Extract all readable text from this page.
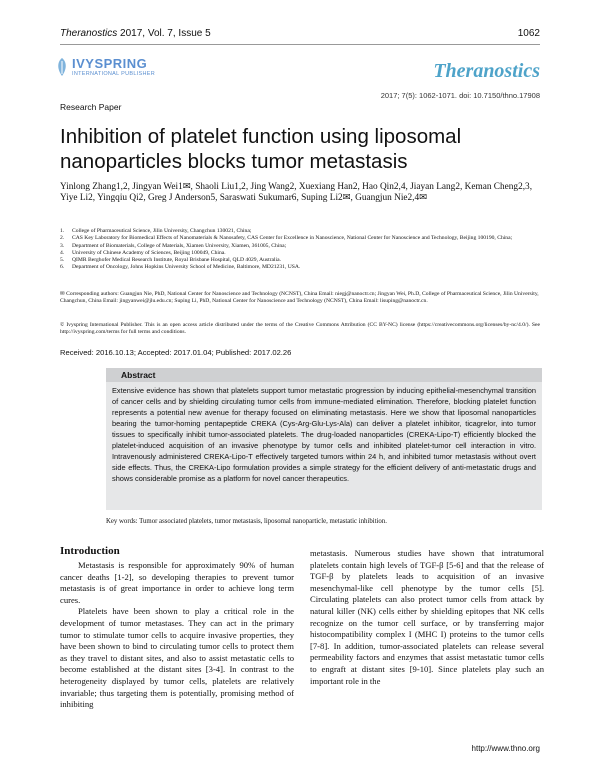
Theranostics 2017, Vol. 7, Issue 5	1062
IVYSPRING
INTERNATIONAL PUBLISHER	Theranostics
2017; 7(5): 1062-1071. doi: 10.7150/thno.17908
Research Paper
Inhibition of platelet function using liposomal nanoparticles blocks tumor metastasis
Yinlong Zhang1,2, Jingyan Wei1✉, Shaoli Liu1,2, Jing Wang2, Xuexiang Han2, Hao Qin2,4, Jiayan Lang2, Keman Cheng2,3, Yiye Li2, Yingqiu Qi2, Greg J Anderson5, Saraswati Sukumar6, Suping Li2✉, Guangjun Nie2,4✉
1.	College of Pharmaceutical Science, Jilin University, Changchun 130021, China;
2.	CAS Key Laboratory for Biomedical Effects of Nanomaterials & Nanosafety, CAS Center for Excellence in Nanoscience, National Center for Nanoscience and Technology, Beijing 100190, China;
3.	Department of Biomaterials, College of Materials, Xiamen University, Xiamen, 361005, China;
4.	University of Chinese Academy of Sciences, Beijing 100049, China.
5.	QIMR Berghofer Medical Research Institute, Royal Brisbane Hospital, QLD 4029, Australia.
6.	Department of Oncology, Johns Hopkins University School of Medicine, Baltimore, MD21231, USA.
✉ Corresponding authors: Guangjun Nie, PhD, National Center for Nanoscience and Technology (NCNST), China Email: niegj@nanoctr.cn; Jingyan Wei, Ph.D, College of Pharmaceutical Science, Jilin University, Changchun, China Email: jingyanwei@jlu.edu.cn; Suping Li, PhD, National Center for Nanoscience and Technology (NCNST), China Email: lisuping@nanoctr.cn.
© Ivyspring International Publisher. This is an open access article distributed under the terms of the Creative Commons Attribution (CC BY-NC) license (https://creativecommons.org/licenses/by-nc/4.0/). See http://ivyspring.com/terms for full terms and conditions.
Received: 2016.10.13; Accepted: 2017.01.04; Published: 2017.02.26
Abstract
Extensive evidence has shown that platelets support tumor metastatic progression by inducing epithelial-mesenchymal transition of cancer cells and by shielding circulating tumor cells from immune-mediated elimination. Therefore, blocking platelet function represents a potential new avenue for therapy focused on eliminating metastasis. Here we show that liposomal nanoparticles bearing the tumor-homing pentapeptide CREKA (Cys-Arg-Glu-Lys-Ala) can deliver a platelet inhibitor, ticagrelor, into tumor tissues to specifically inhibit tumor-associated platelets. The drug-loaded nanoparticles (CREKA-Lipo-T) efficiently blocked the platelet-induced acquisition of an invasive phenotype by tumor cells and inhibited platelet-tumor cell interaction in vitro. Intravenously administered CREKA-Lipo-T effectively targeted tumors within 24 h, and inhibited tumor metastasis without overt side effects. Thus, the CREKA-Lipo formulation provides a simple strategy for the efficient delivery of anti-metastatic drugs and shows considerable promise as a platform for novel cancer therapeutics.
Key words: Tumor associated platelets, tumor metastasis, liposomal nanoparticle, metastatic inhibition.
Introduction

Metastasis is responsible for approximately 90% of human cancer deaths [1-2], so developing therapies to prevent tumor metastasis is of great importance in order to achieve long term cures.

Platelets have been shown to play a critical role in the development of tumor metastases. They can act in the primary tumor to stimulate tumor cells to acquire invasive properties, they have been shown to bind to circulating tumor cells to protect them as they travel to distant sites, and also to assist metastatic cells to become established at the distant sites [3-4]. In contrast to the heterogeneity displayed by tumor cells, platelets are relatively invariable; thus targeting them is potentially, promising method of inhibiting

metastasis. Numerous studies have shown that intratumoral platelets contain high levels of TGF-β [5-6] and that the release of TGF-β by platelets leads to acquisition of an invasive mesenchymal-like cell phenotype by the tumor cells [5]. Circulating platelets can also protect tumor cells from attack by natural killer (NK) cells either by shielding epitopes that NK cells recognize on the tumor cell surface, or by transferring major histocompatibility complex I (MHC I) proteins to the tumor cells [7-8]. In addition, tumor-associated platelets can release several permeability factors and enzymes that assist metastatic tumor cells to engraft at distant sites [9-10]. Since platelets play such an important role in the

http://www.thno.org
